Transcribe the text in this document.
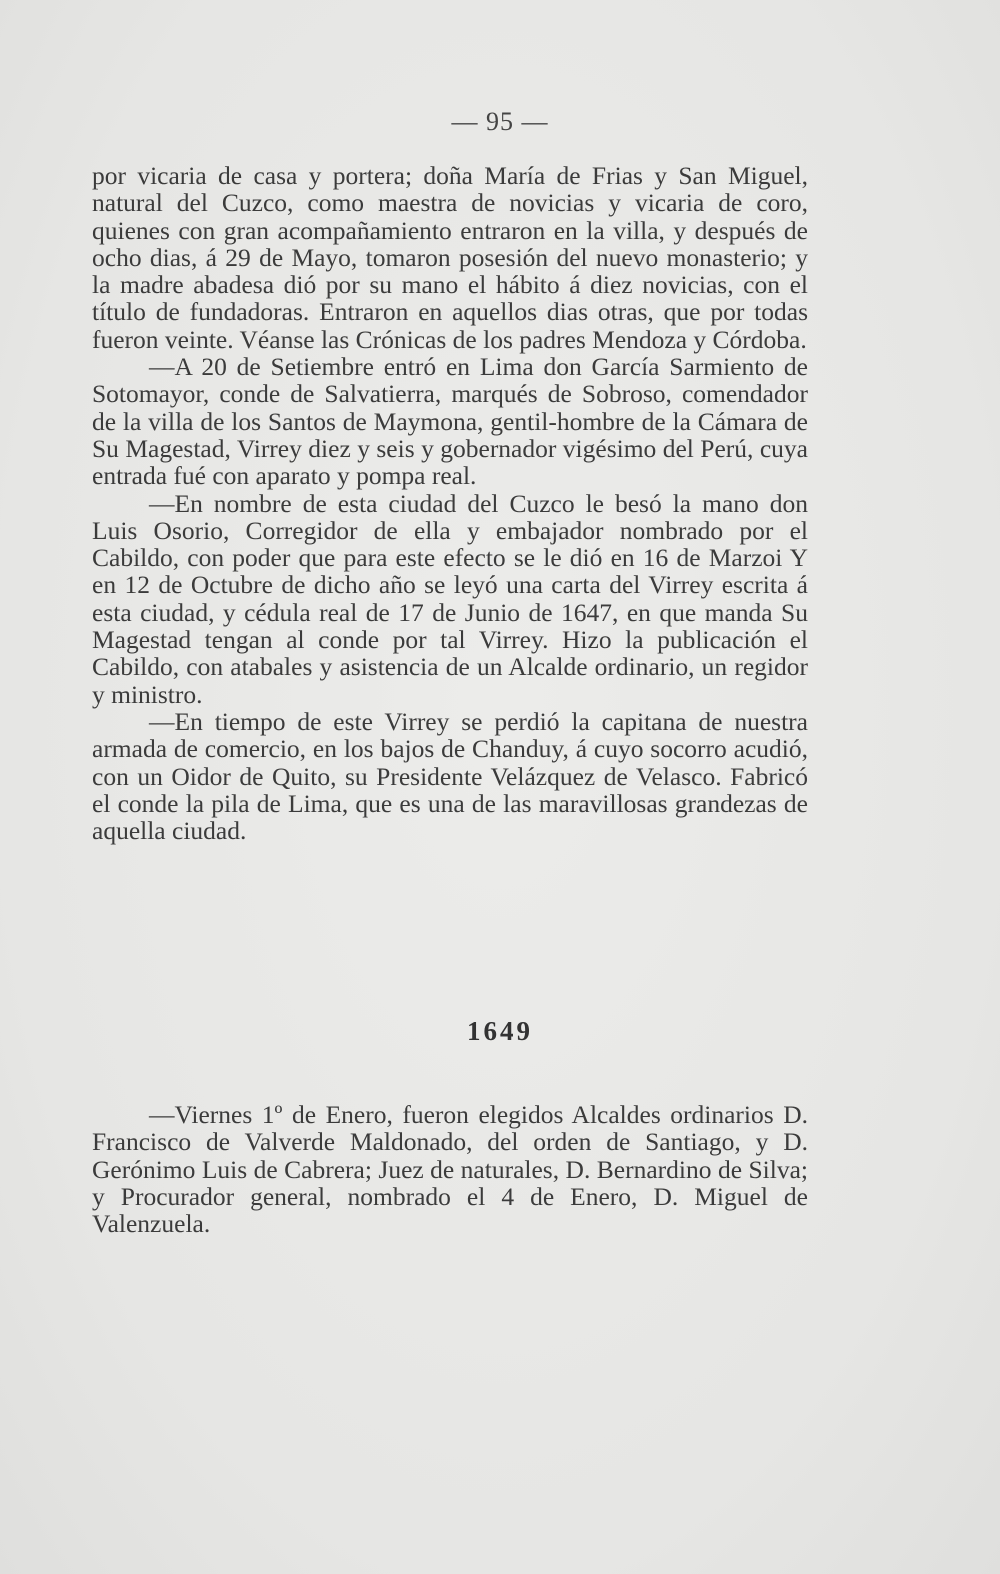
— 95 —

por vicaria de casa y portera; doña María de Frias y San Miguel, natural del Cuzco, como maestra de novicias y vicaria de coro, quienes con gran acompañamiento entraron en la villa, y después de ocho dias, á 29 de Mayo, tomaron posesión del nuevo monasterio; y la madre abadesa dió por su mano el hábito á diez novicias, con el título de fundadoras. Entraron en aquellos dias otras, que por todas fueron veinte. Véanse las Crónicas de los padres Mendoza y Córdoba.

—A 20 de Setiembre entró en Lima don García Sarmiento de Sotomayor, conde de Salvatierra, marqués de Sobroso, comendador de la villa de los Santos de Maymona, gentil-hombre de la Cámara de Su Magestad, Virrey diez y seis y gobernador vigésimo del Perú, cuya entrada fué con aparato y pompa real.

—En nombre de esta ciudad del Cuzco le besó la mano don Luis Osorio, Corregidor de ella y embajador nombrado por el Cabildo, con poder que para este efecto se le dió en 16 de Marzoi Y en 12 de Octubre de dicho año se leyó una carta del Virrey escrita á esta ciudad, y cédula real de 17 de Junio de 1647, en que manda Su Magestad tengan al conde por tal Virrey. Hizo la publicación el Cabildo, con atabales y asistencia de un Alcalde ordinario, un regidor y ministro.

—En tiempo de este Virrey se perdió la capitana de nuestra armada de comercio, en los bajos de Chanduy, á cuyo socorro acudió, con un Oidor de Quito, su Presidente Velázquez de Velasco. Fabricó el conde la pila de Lima, que es una de las maravillosas grandezas de aquella ciudad.

1649

—Viernes 1º de Enero, fueron elegidos Alcaldes ordinarios D. Francisco de Valverde Maldonado, del orden de Santiago, y D. Gerónimo Luis de Cabrera; Juez de naturales, D. Bernardino de Silva; y Procurador general, nombrado el 4 de Enero, D. Miguel de Valenzuela.
